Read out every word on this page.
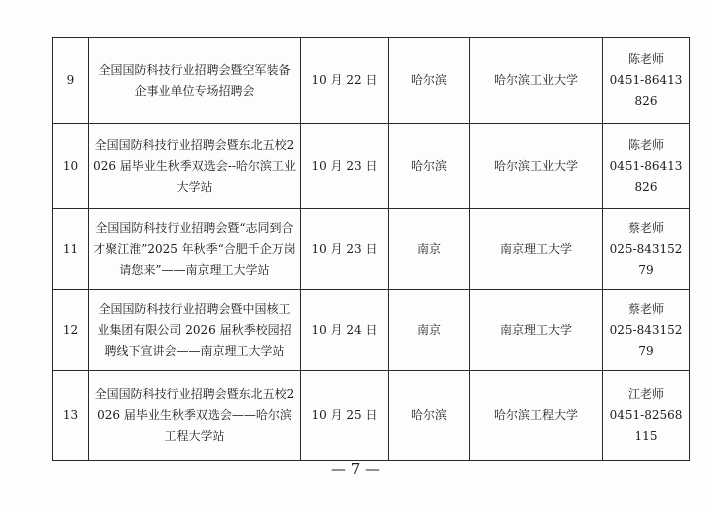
9	全国国防科技行业招聘会暨空军装备企事业单位专场招聘会	10 月 22 日	哈尔滨	哈尔滨工业大学	陈老师
0451-86413826

10	全国国防科技行业招聘会暨东北五校2026 届毕业生秋季双选会--哈尔滨工业大学站	10 月 23 日	哈尔滨	哈尔滨工业大学	陈老师
0451-86413826

11	全国国防科技行业招聘会暨“志同到合才聚江淮”2025 年秋季“合肥千企万岗请您来”——南京理工大学站	10 月 23 日	南京	南京理工大学	蔡老师
025-84315279

12	全国国防科技行业招聘会暨中国核工业集团有限公司 2026 届秋季校园招聘线下宣讲会——南京理工大学站	10 月 24 日	南京	南京理工大学	蔡老师
025-84315279

13	全国国防科技行业招聘会暨东北五校2026 届毕业生秋季双选会——哈尔滨工程大学站	10 月 25 日	哈尔滨	哈尔滨工程大学	江老师
0451-82568115
— 7 —
